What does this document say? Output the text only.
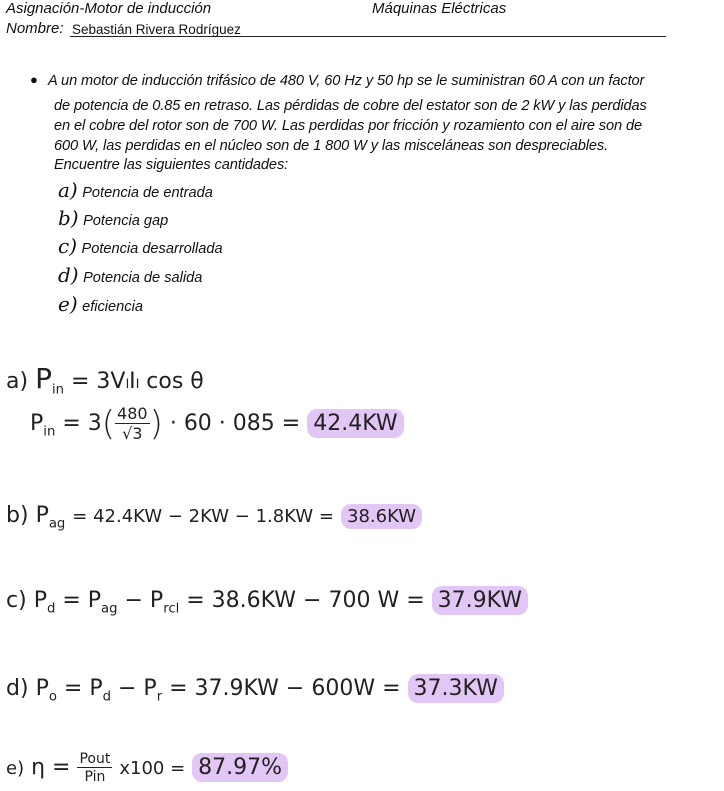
Asignación-Motor de inducción	Máquinas Eléctricas
Nombre: Sebastián Rivera Rodríguez
● A un motor de inducción trifásico de 480 V, 60 Hz y 50 hp se le suministran 60 A con un factor
de potencia de 0.85 en retraso. Las pérdidas de cobre del estator son de 2 kW y las perdidas
en el cobre del rotor son de 700 W. Las perdidas por fricción y rozamiento con el aire son de
600 W, las perdidas en el núcleo son de 1 800 W y las misceláneas son despreciables.
Encuentre las siguientes cantidades:
a) Potencia de entrada
b) Potencia gap
c) Potencia desarrollada
d) Potencia de salida
e) eficiencia
a) $P_{in} = 3V_lI_l$ cos θ
$P_{in} = 3( \frac{480}{√3}$ ) · 60 · 085 = 42.4KW
b) $P_{ag} = 42.4KW - 2KW - 1.8KW = 38.6KW$
c) $P_d = P_{ag} - P_{rcl} = 38.6KW - 700$ W = 37.9KW
d) $P_o = P_d - P_r = 37.9KW - 600W = 37.3KW$
e) $\eta = \frac{\text{Pout}}{\text{Pin}} x100 = 87.97\%$
